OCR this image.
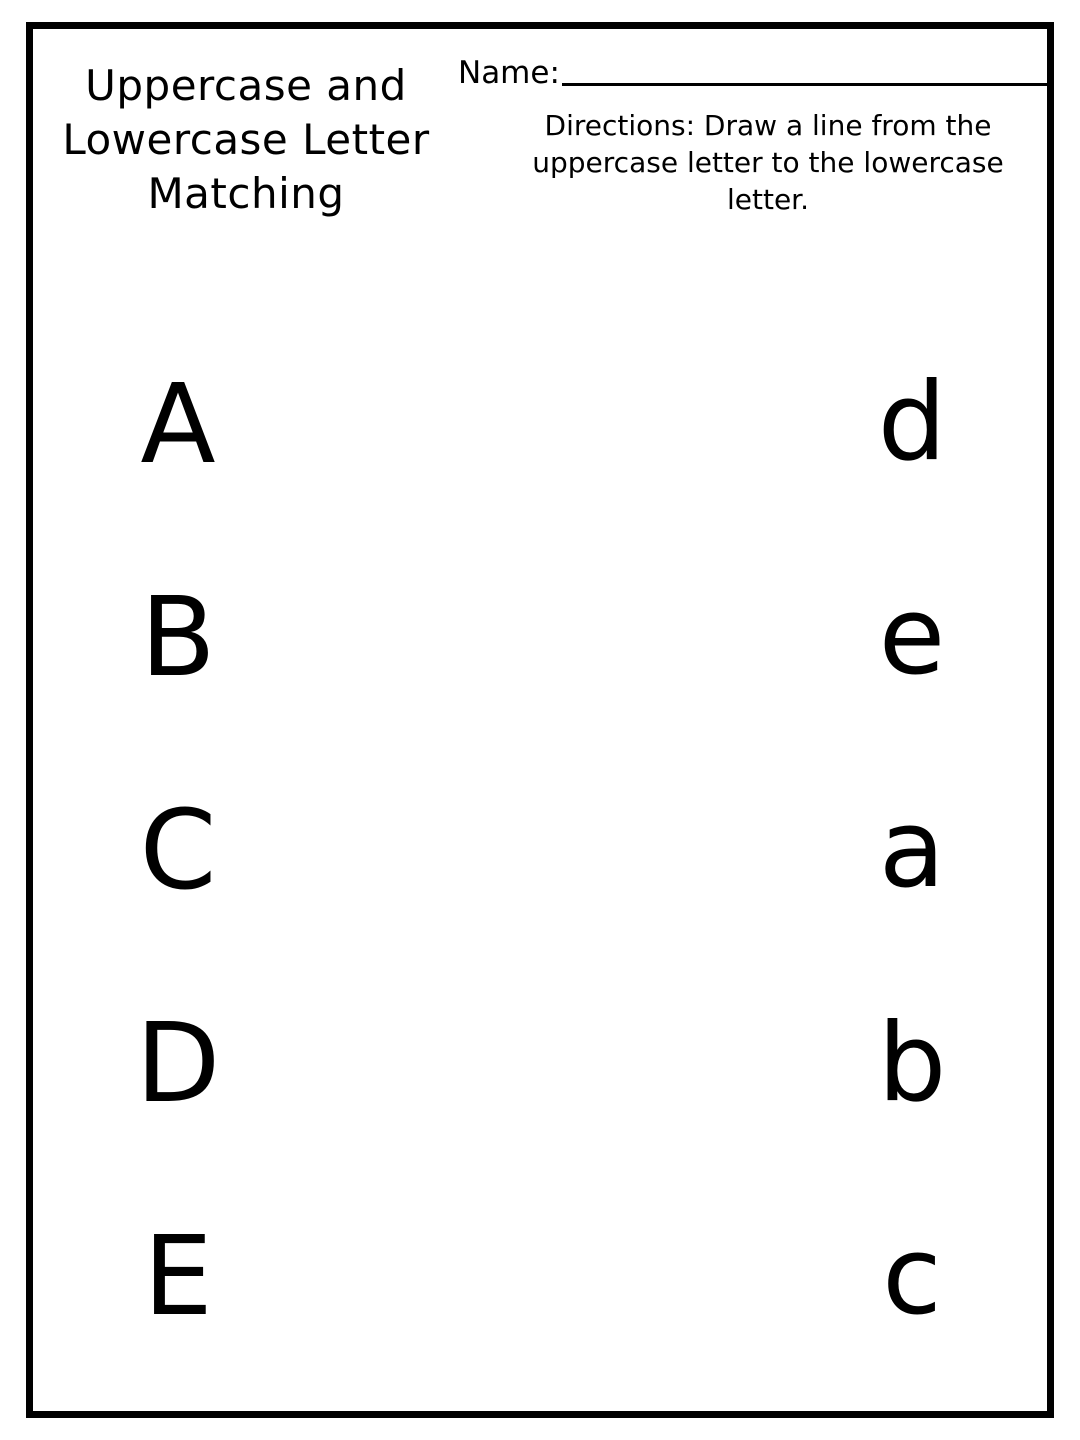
Uppercase and Lowercase Letter Matching
Name:
Directions: Draw a line from the uppercase letter to the lowercase letter.
A
B
C
D
E
d
e
a
b
c
